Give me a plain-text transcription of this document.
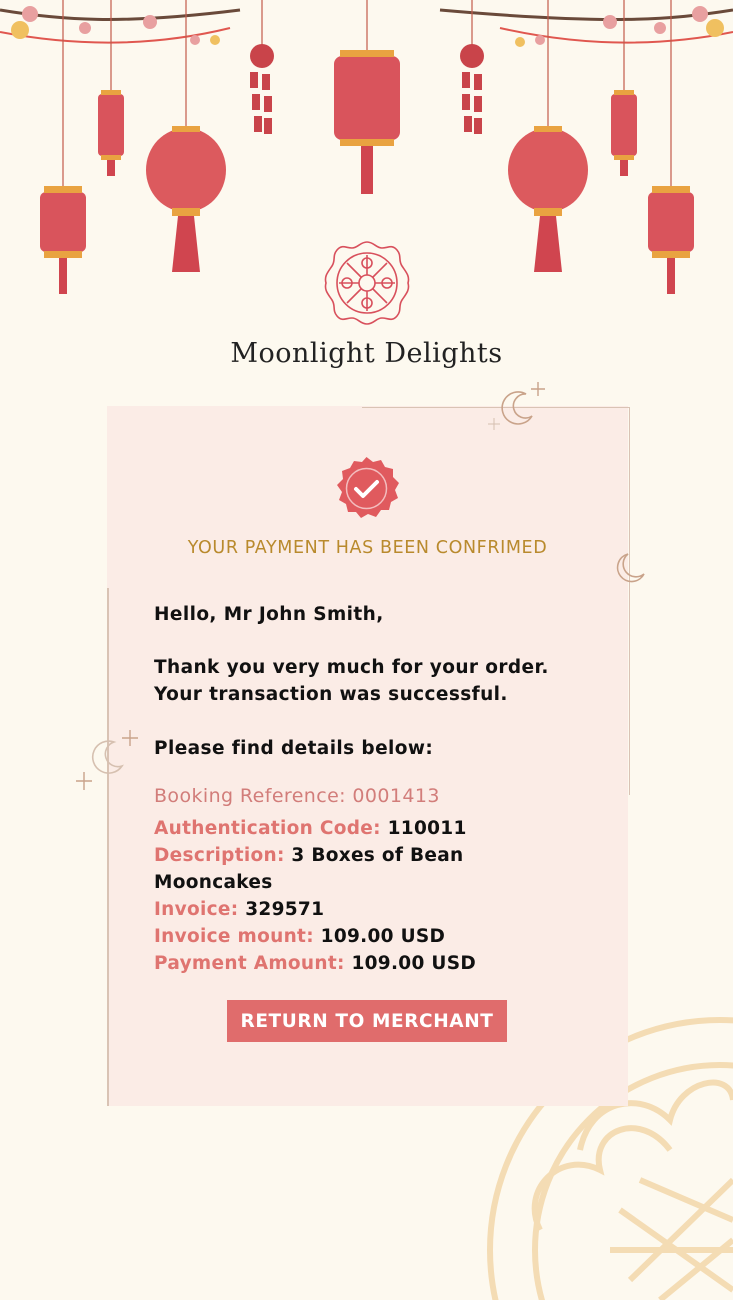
Moonlight Delights
YOUR PAYMENT HAS BEEN CONFRIMED
Hello, Mr John Smith,
Thank you very much for your order.
Your transaction was successful.
Please find details below:
Booking Reference: 0001413
Authentication Code: 110011
Description: 3 Boxes of Bean Mooncakes
Invoice: 329571
Invoice mount: 109.00 USD
Payment Amount: 109.00 USD
RETURN TO MERCHANT
